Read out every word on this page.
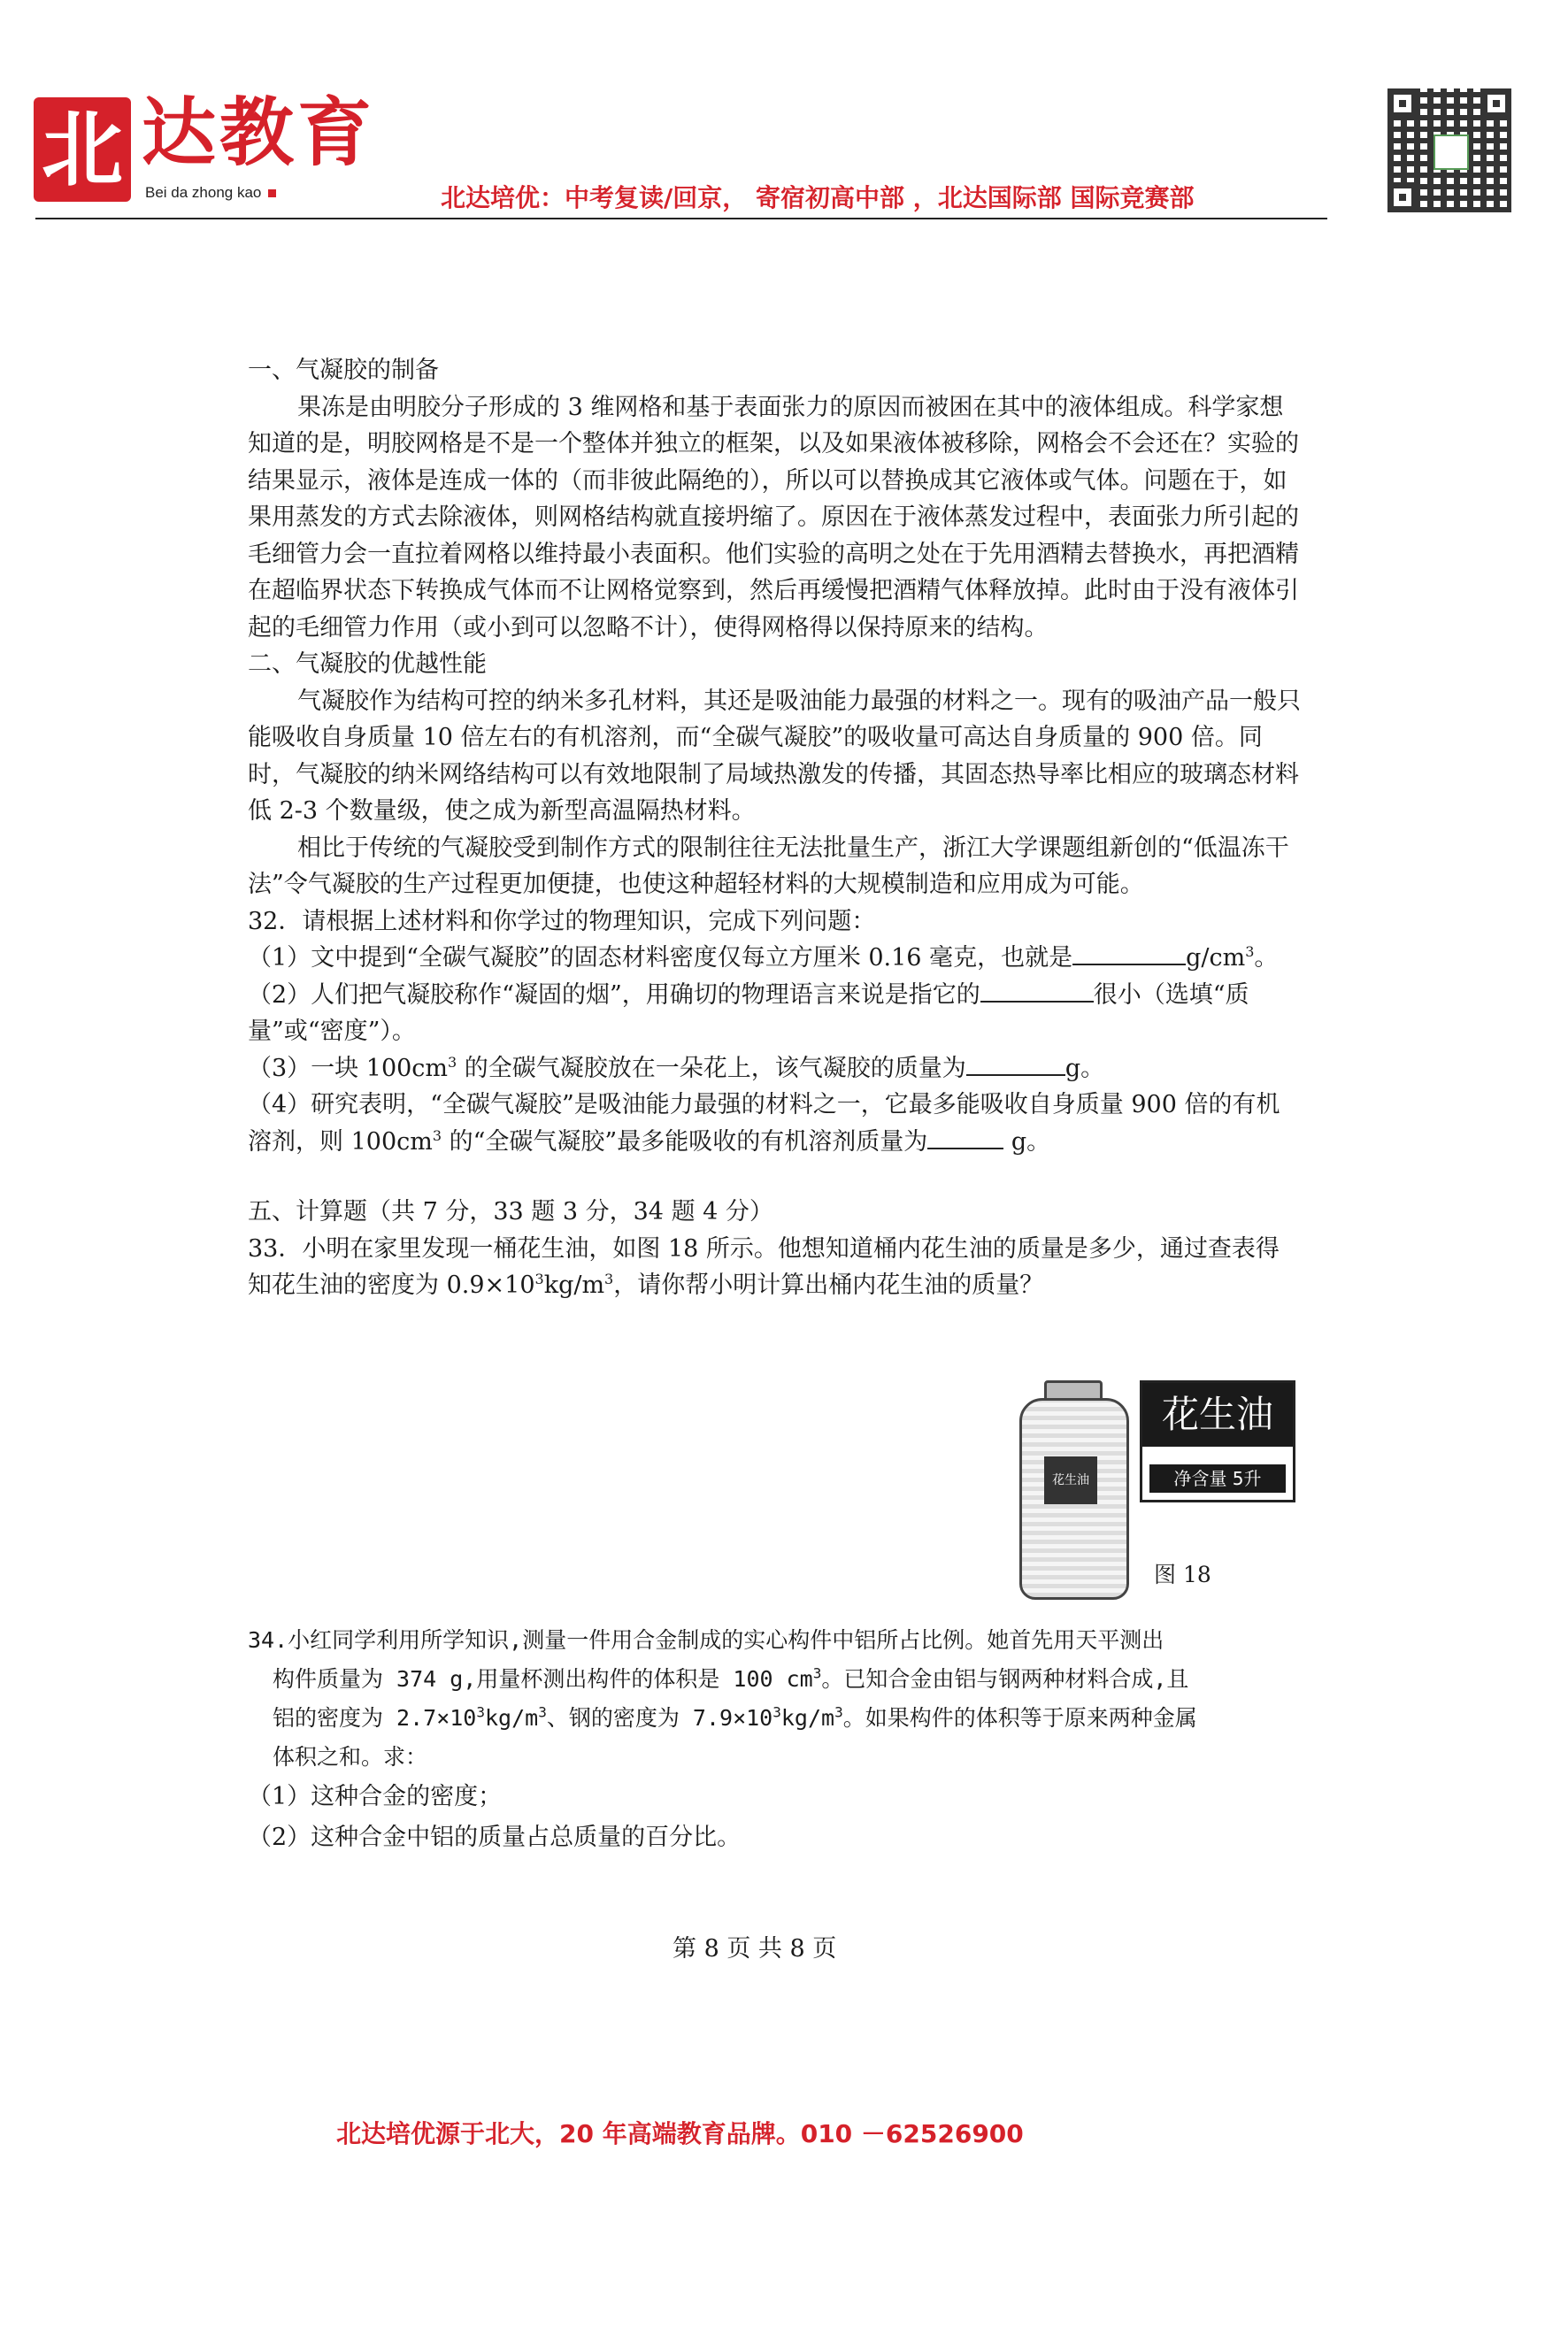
北 达教育
Bei da zhong kao	北达培优：中考复读/回京， 寄宿初高中部 ，北达国际部 国际竞赛部

一、气凝胶的制备

果冻是由明胶分子形成的 3 维网格和基于表面张力的原因而被困在其中的液体组成。科学家想知道的是，明胶网格是不是一个整体并独立的框架，以及如果液体被移除，网格会不会还在？实验的结果显示，液体是连成一体的（而非彼此隔绝的），所以可以替换成其它液体或气体。问题在于，如果用蒸发的方式去除液体，则网格结构就直接坍缩了。原因在于液体蒸发过程中，表面张力所引起的毛细管力会一直拉着网格以维持最小表面积。他们实验的高明之处在于先用酒精去替换水，再把酒精在超临界状态下转换成气体而不让网格觉察到，然后再缓慢把酒精气体释放掉。此时由于没有液体引起的毛细管力作用（或小到可以忽略不计），使得网格得以保持原来的结构。

二、气凝胶的优越性能

气凝胶作为结构可控的纳米多孔材料，其还是吸油能力最强的材料之一。现有的吸油产品一般只能吸收自身质量 10 倍左右的有机溶剂，而“全碳气凝胶”的吸收量可高达自身质量的 900 倍。同时，气凝胶的纳米网络结构可以有效地限制了局域热激发的传播，其固态热导率比相应的玻璃态材料低 2-3 个数量级，使之成为新型高温隔热材料。

相比于传统的气凝胶受到制作方式的限制往往无法批量生产，浙江大学课题组新创的“低温冻干法”令气凝胶的生产过程更加便捷，也使这种超轻材料的大规模制造和应用成为可能。

32．请根据上述材料和你学过的物理知识，完成下列问题：

（1）文中提到“全碳气凝胶”的固态材料密度仅每立方厘米 0.16 毫克，也就是	$g/cm^3$。

（2）人们把气凝胶称作“凝固的烟”，用确切的物理语言来说是指它的	很小（选填“质量”或“密度”）。

（3）一块 $100cm^3$ 的全碳气凝胶放在一朵花上，该气凝胶的质量为	g。

（4）研究表明，“全碳气凝胶”是吸油能力最强的材料之一，它最多能吸收自身质量 900 倍的有机溶剂，则 $100cm^3$ 的“全碳气凝胶”最多能吸收的有机溶剂质量为	g。

五、计算题（共 7 分，33 题 3 分，34 题 4 分）

33．小明在家里发现一桶花生油，如图 18 所示。他想知道桶内花生油的质量是多少，通过查表得知花生油的密度为 $0.9\times 10^3kg/m^3$，请你帮小明计算出桶内花生油的质量？

花生油
花生油
净含量 5升
图 18

34.小红同学利用所学知识,测量一件用合金制成的实心构件中铝所占比例。她首先用天平测出

构件质量为 374 g,用量杯测出构件的体积是 100 $cm^3$。已知合金由铝与钢两种材料合成,且

铝的密度为 $2.7\times 10^3kg/m^3$、钢的密度为 $7.9\times 10^3kg/m^3$。如果构件的体积等于原来两种金属

体积之和。求：

（1）这种合金的密度；

（2）这种合金中铝的质量占总质量的百分比。

第 8 页 共 8 页
北达培优源于北大，20 年高端教育品牌。010 －62526900
